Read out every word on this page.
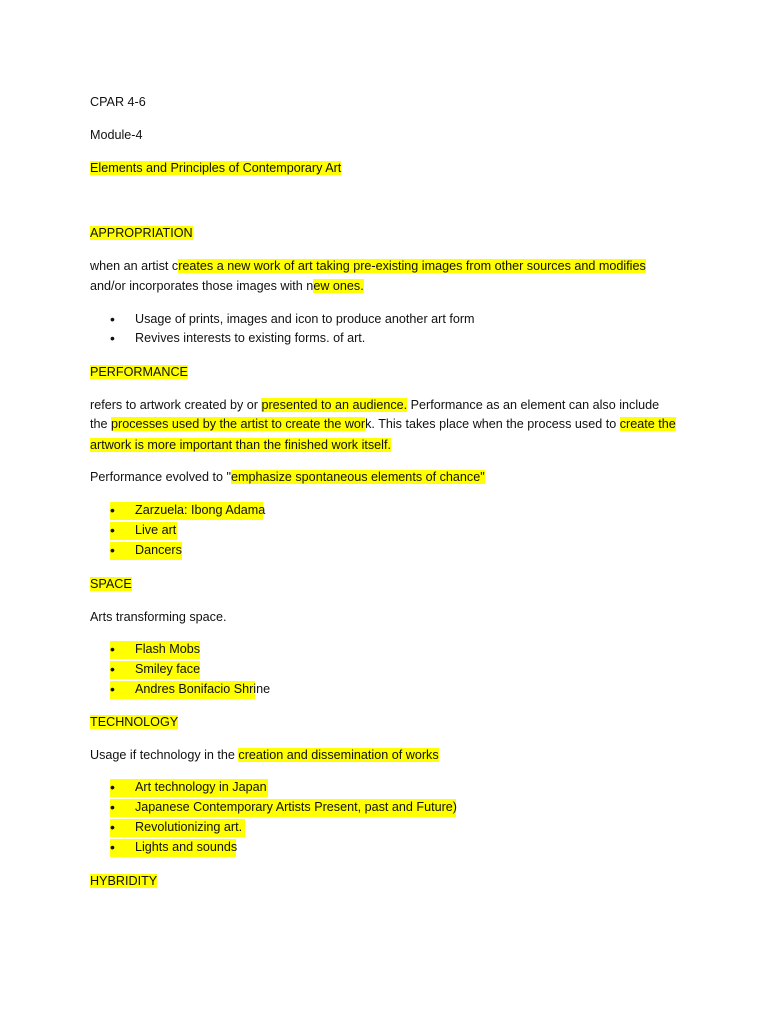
CPAR 4-6
Module-4
Elements and Principles of Contemporary Art
APPROPRIATION
when an artist creates a new work of art taking pre-existing images from other sources and modifies
and/or incorporates those images with new ones.
•
Usage of prints, images and icon to produce another art form
•
Revives interests to existing forms. of art.
PERFORMANCE
refers to artwork created by or presented to an audience. Performance as an element can also include
the processes used by the artist to create the work. This takes place when the process used to create the
artwork is more important than the finished work itself.
Performance evolved to "emphasize spontaneous elements of chance"
•
Zarzuela: Ibong Adama
•
Live art
•
Dancers
SPACE
Arts transforming space.
•
Flash Mobs
•
Smiley face
•
Andres Bonifacio Shrine
TECHNOLOGY
Usage if technology in the creation and dissemination of works
•
Art technology in Japan
•
Japanese Contemporary Artists Present, past and Future)
•
Revolutionizing art.
•
Lights and sounds
HYBRIDITY
